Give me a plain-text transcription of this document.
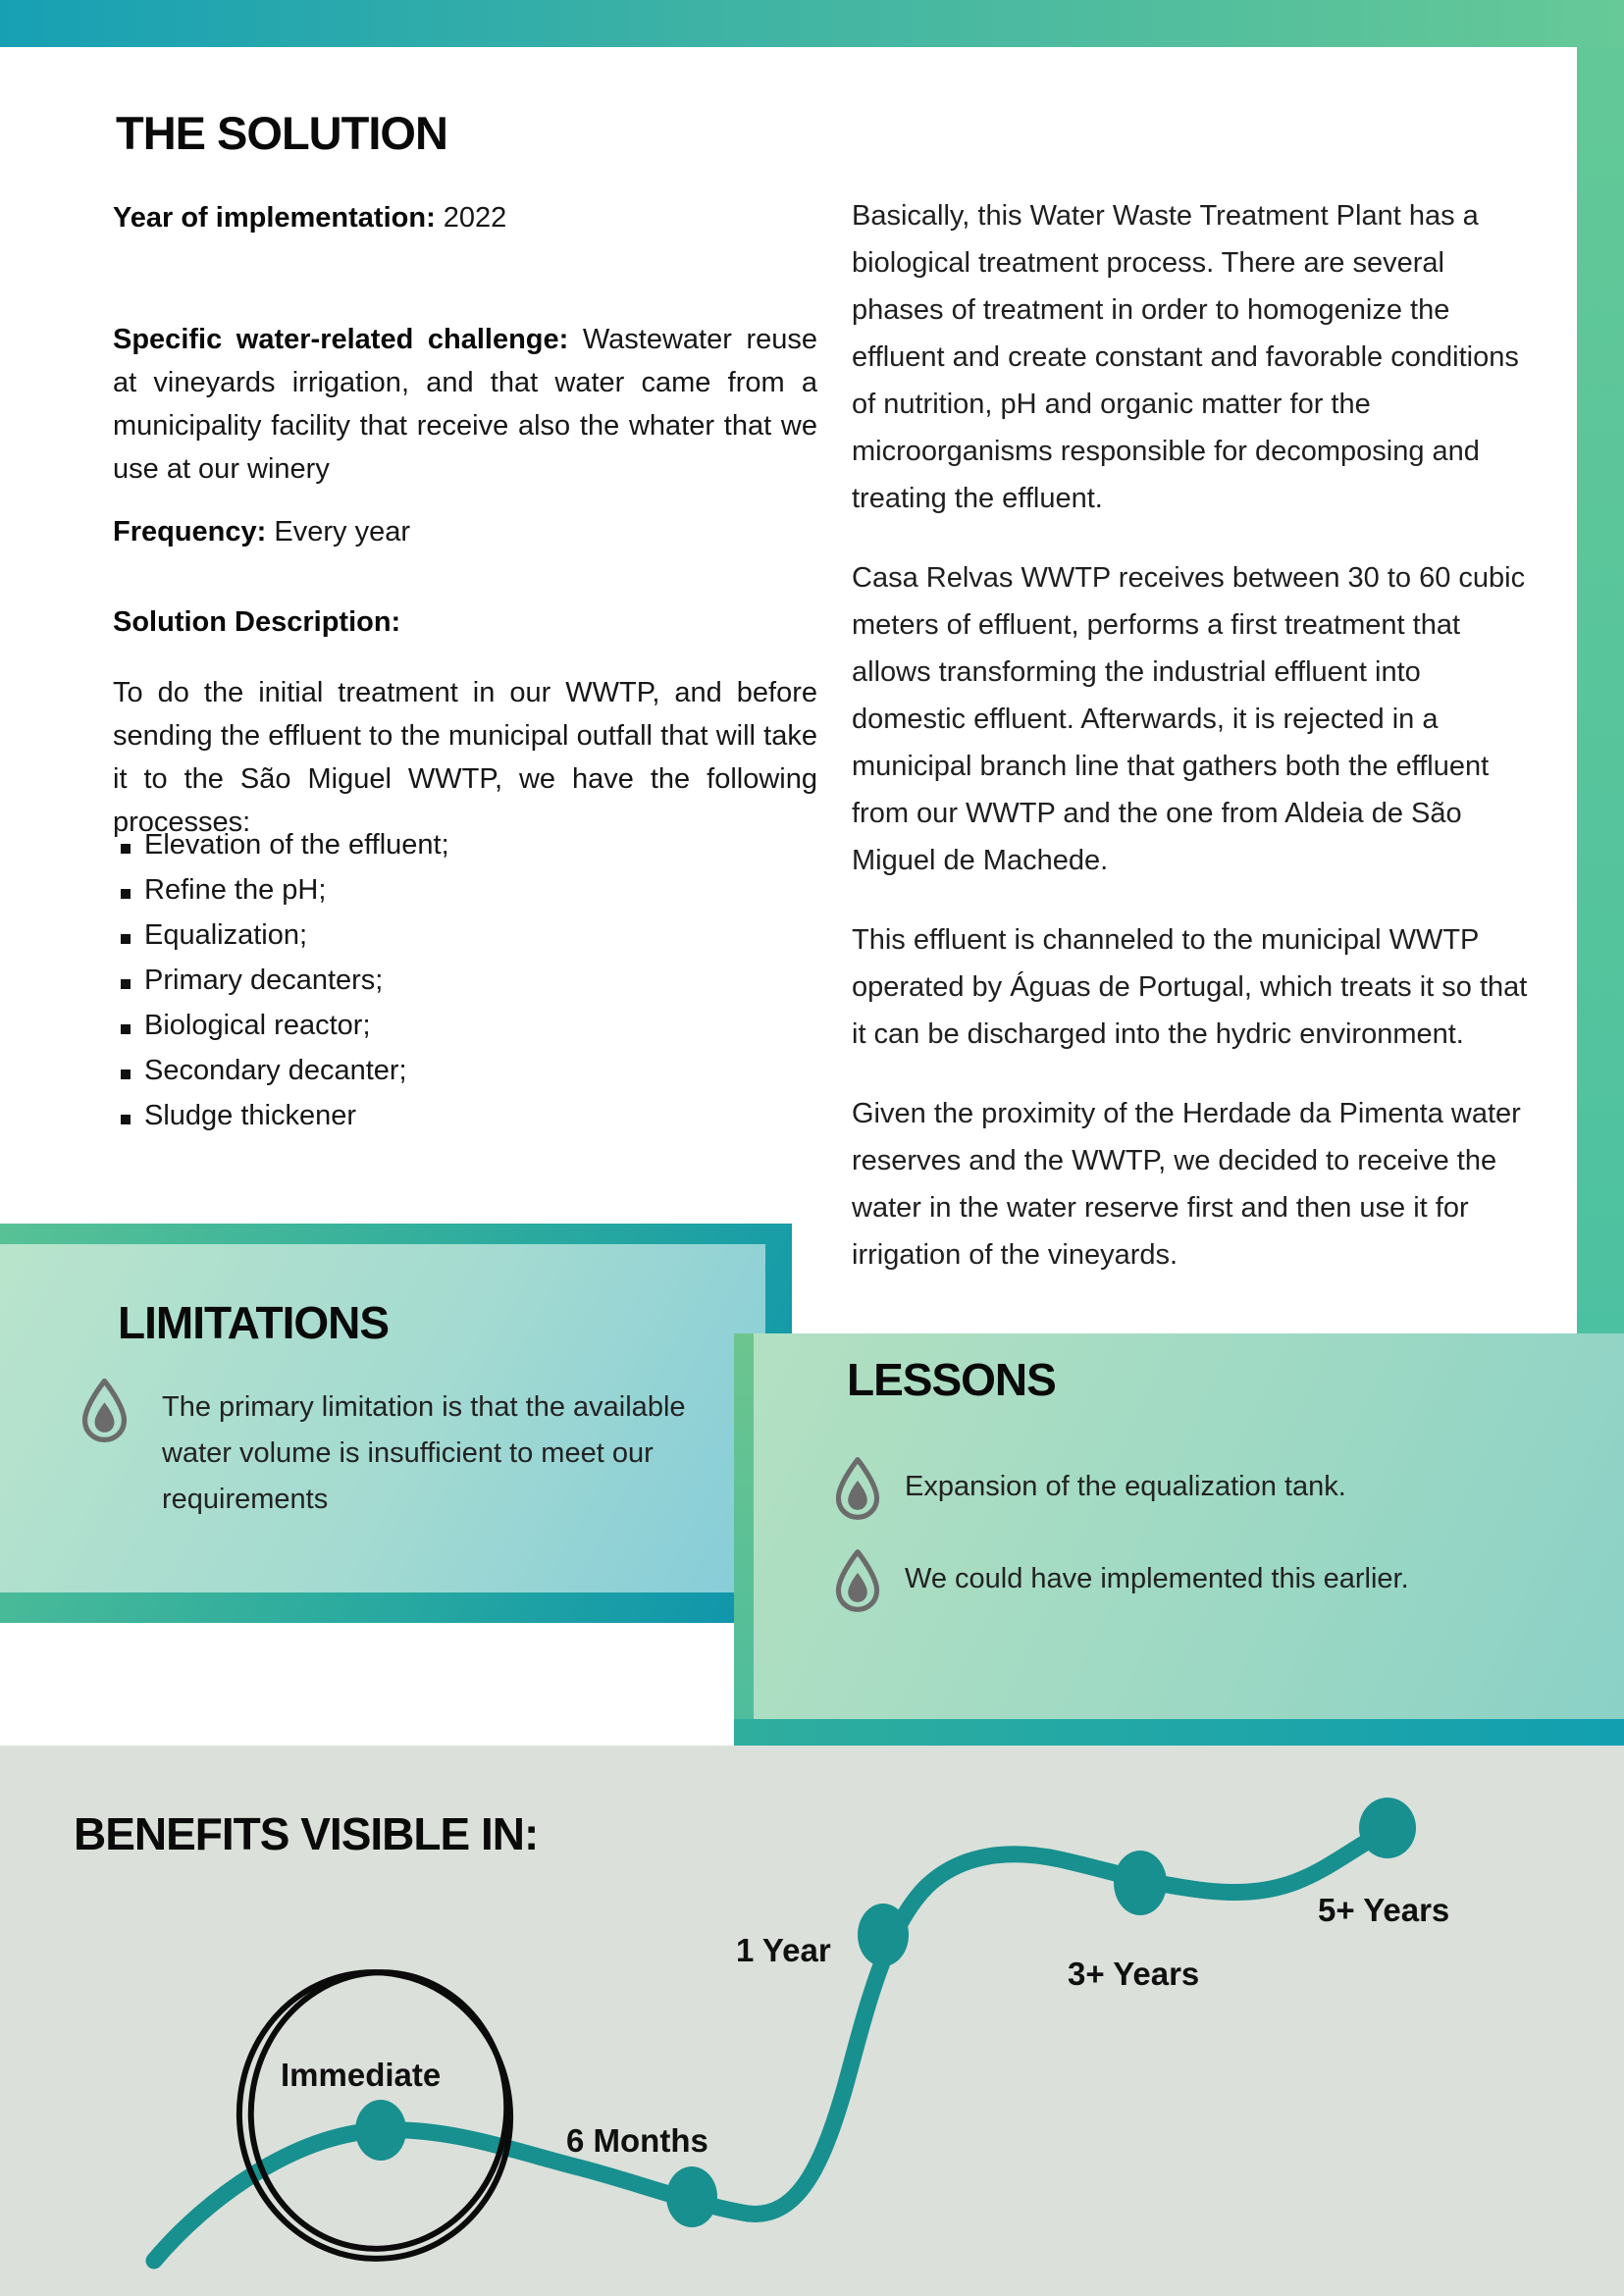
THE SOLUTION
Year of implementation: 2022

Specific water-related challenge: Wastewater reuse at vineyards irrigation, and that water came from a municipality facility that receive also the whater that we use at our winery

Frequency: Every year
Solution Description:

To do the initial treatment in our WWTP, and before sending the effluent to the municipal outfall that will take it to the São Miguel WWTP, we have the following processes:

Elevation of the effluent;
Refine the pH;
Equalization;
Primary decanters;
Biological reactor;
Secondary decanter;
Sludge thickener

Basically, this Water Waste Treatment Plant has a biological treatment process. There are several phases of treatment in order to homogenize the effluent and create constant and favorable conditions of nutrition, pH and organic matter for the microorganisms responsible for decomposing and treating the effluent.

Casa Relvas WWTP receives between 30 to 60 cubic meters of effluent, performs a first treatment that allows transforming the industrial effluent into domestic effluent. Afterwards, it is rejected in a municipal branch line that gathers both the effluent from our WWTP and the one from Aldeia de São Miguel de Machede.

This effluent is channeled to the municipal WWTP operated by Águas de Portugal, which treats it so that it can be discharged into the hydric environment.

Given the proximity of the Herdade da Pimenta water reserves and the WWTP, we decided to receive the water in the water reserve first and then use it for irrigation of the vineyards.

LIMITATIONS

The primary limitation is that the available water volume is insufficient to meet our requirements

LESSONS

Expansion of the equalization tank.

We could have implemented this earlier.

BENEFITS VISIBLE IN:
Immediate
6 Months
1 Year
3+ Years
5+ Years
